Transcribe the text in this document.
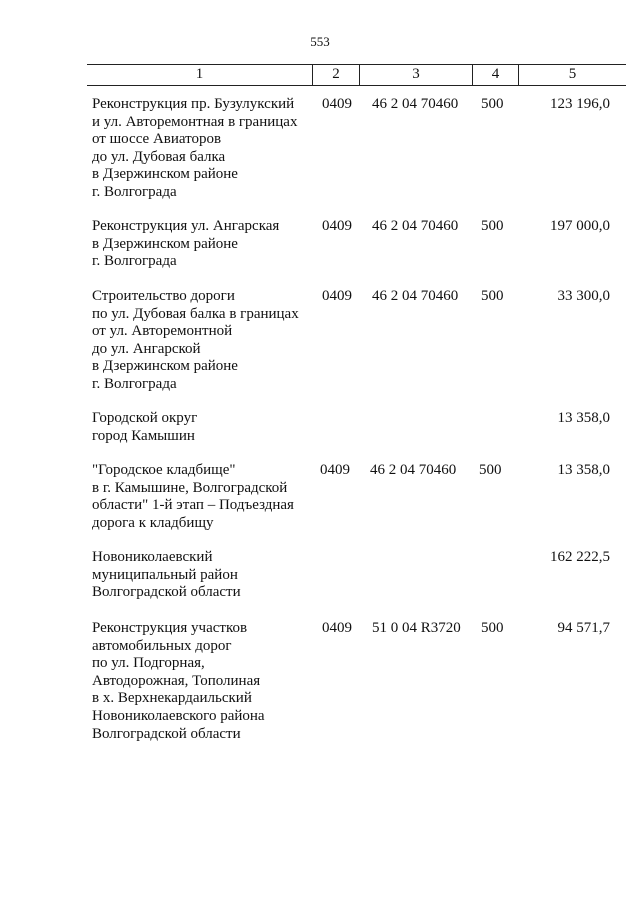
553
1	2	3	4	5
Реконструкция пр. Бузулукский
и ул. Авторемонтная в границах
от шоссе Авиаторов
до ул. Дубовая балка
в Дзержинском районе
г. Волгограда
0409	46 2 04 70460	500	123 196,0
Реконструкция ул. Ангарская
в Дзержинском районе
г. Волгограда
0409	46 2 04 70460	500	197 000,0
Строительство дороги
по ул. Дубовая балка в границах
от ул. Авторемонтной
до ул. Ангарской
в Дзержинском районе
г. Волгограда
0409	46 2 04 70460	500	33 300,0
Городской округ
город Камышин
13 358,0
"Городское кладбище"
в г. Камышине, Волгоградской
области" 1-й этап – Подъездная
дорога к кладбищу
0409	46 2 04 70460	500	13 358,0
Новониколаевский
муниципальный район
Волгоградской области
162 222,5
Реконструкция участков
автомобильных дорог
по ул. Подгорная,
Автодорожная, Тополиная
в х. Верхнекардаильский
Новониколаевского района
Волгоградской области
0409	51 0 04 R3720	500	94 571,7
